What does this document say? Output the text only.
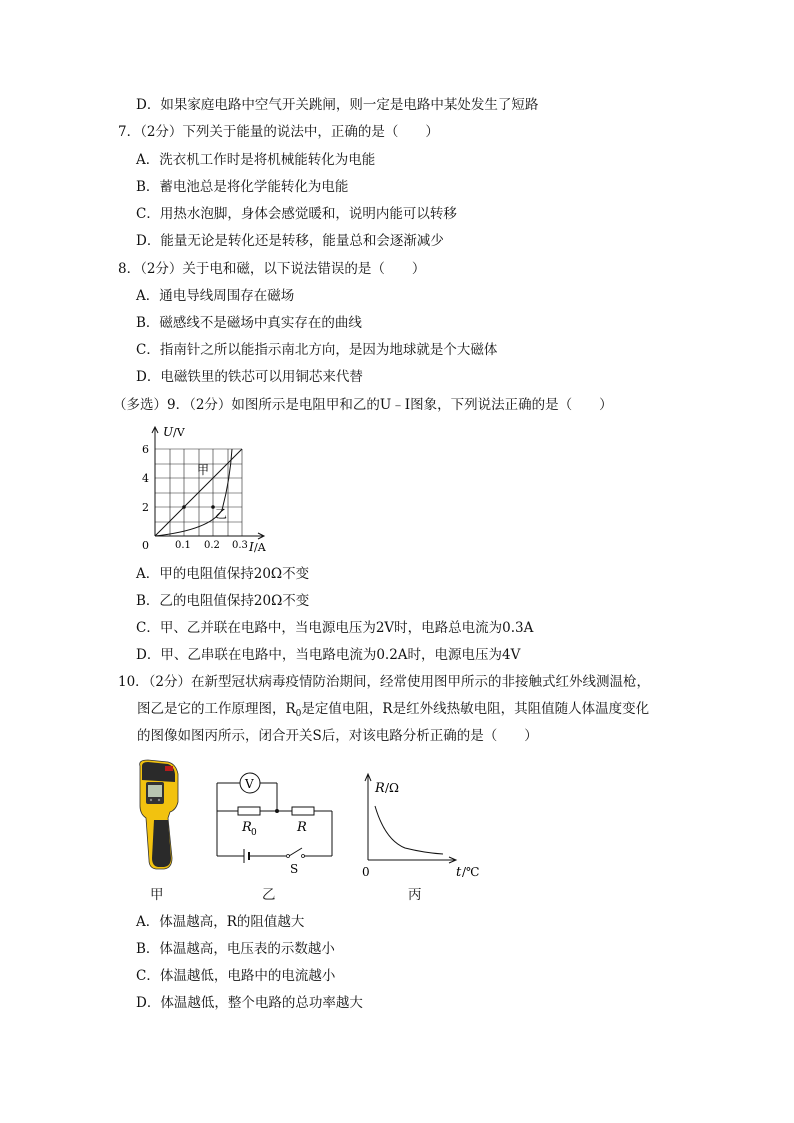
D．如果家庭电路中空气开关跳闸，则一定是电路中某处发生了短路
7．（2分）下列关于能量的说法中，正确的是（　　）
A．洗衣机工作时是将机械能转化为电能
B．蓄电池总是将化学能转化为电能
C．用热水泡脚，身体会感觉暖和，说明内能可以转移
D．能量无论是转化还是转移，能量总和会逐渐减少
8．（2分）关于电和磁，以下说法错误的是（　　）
A．通电导线周围存在磁场
B．磁感线不是磁场中真实存在的曲线
C．指南针之所以能指示南北方向，是因为地球就是个大磁体
D．电磁铁里的铁芯可以用铜芯来代替
（多选）9．（2分）如图所示是电阻甲和乙的U﹣I图象，下列说法正确的是（　　）
U /V
6
4
2
0	0.1 0.2 0.3 I /A
甲
乙
A．甲的电阻值保持20Ω不变
B．乙的电阻值保持20Ω不变
C．甲、乙并联在电路中，当电源电压为2V时，电路总电流为0.3A
D．甲、乙串联在电路中，当电路电流为0.2A时，电源电压为4V
10．（2分）在新型冠状病毒疫情防治期间，经常使用图甲所示的非接触式红外线测温枪，
图乙是它的工作原理图，$R_0$是定值电阻，R是红外线热敏电阻，其阻值随人体温度变化
的图像如图丙所示，闭合开关S后，对该电路分析正确的是（　　）
甲
V
R 0	R
S
乙
R /Ω
0	t /℃
丙
A．体温越高，R的阻值越大
B．体温越高，电压表的示数越小
C．体温越低，电路中的电流越小
D．体温越低，整个电路的总功率越大
